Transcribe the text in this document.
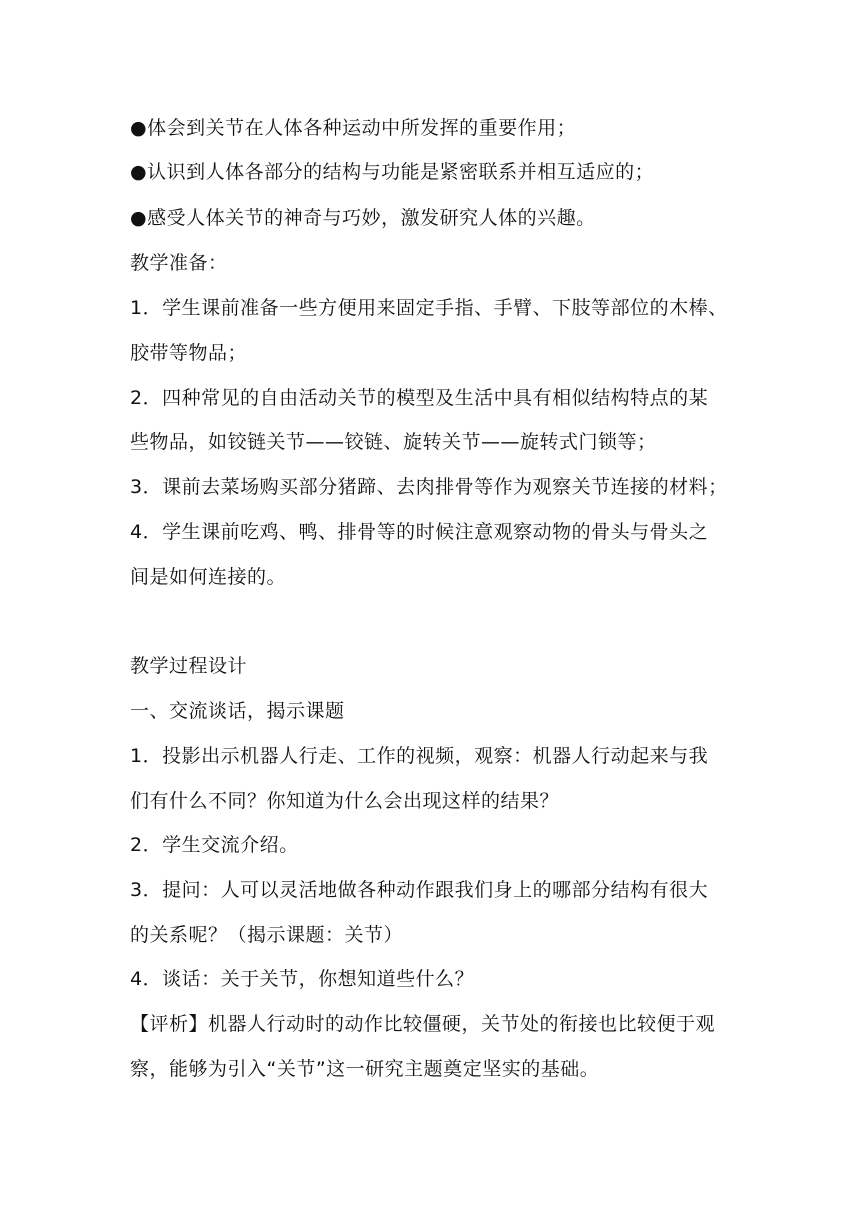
●体会到关节在人体各种运动中所发挥的重要作用；
●认识到人体各部分的结构与功能是紧密联系并相互适应的；
●感受人体关节的神奇与巧妙，激发研究人体的兴趣。
教学准备：
1．学生课前准备一些方便用来固定手指、手臂、下肢等部位的木棒、
胶带等物品；
2．四种常见的自由活动关节的模型及生活中具有相似结构特点的某
些物品，如铰链关节——铰链、旋转关节——旋转式门锁等；
3．课前去菜场购买部分猪蹄、去肉排骨等作为观察关节连接的材料；
4．学生课前吃鸡、鸭、排骨等的时候注意观察动物的骨头与骨头之
间是如何连接的。
教学过程设计
一、交流谈话，揭示课题
1．投影出示机器人行走、工作的视频，观察：机器人行动起来与我
们有什么不同？你知道为什么会出现这样的结果？
2．学生交流介绍。
3．提问：人可以灵活地做各种动作跟我们身上的哪部分结构有很大
的关系呢？（揭示课题：关节）
4．谈话：关于关节，你想知道些什么？
【评析】机器人行动时的动作比较僵硬，关节处的衔接也比较便于观
察，能够为引入“关节”这一研究主题奠定坚实的基础。
